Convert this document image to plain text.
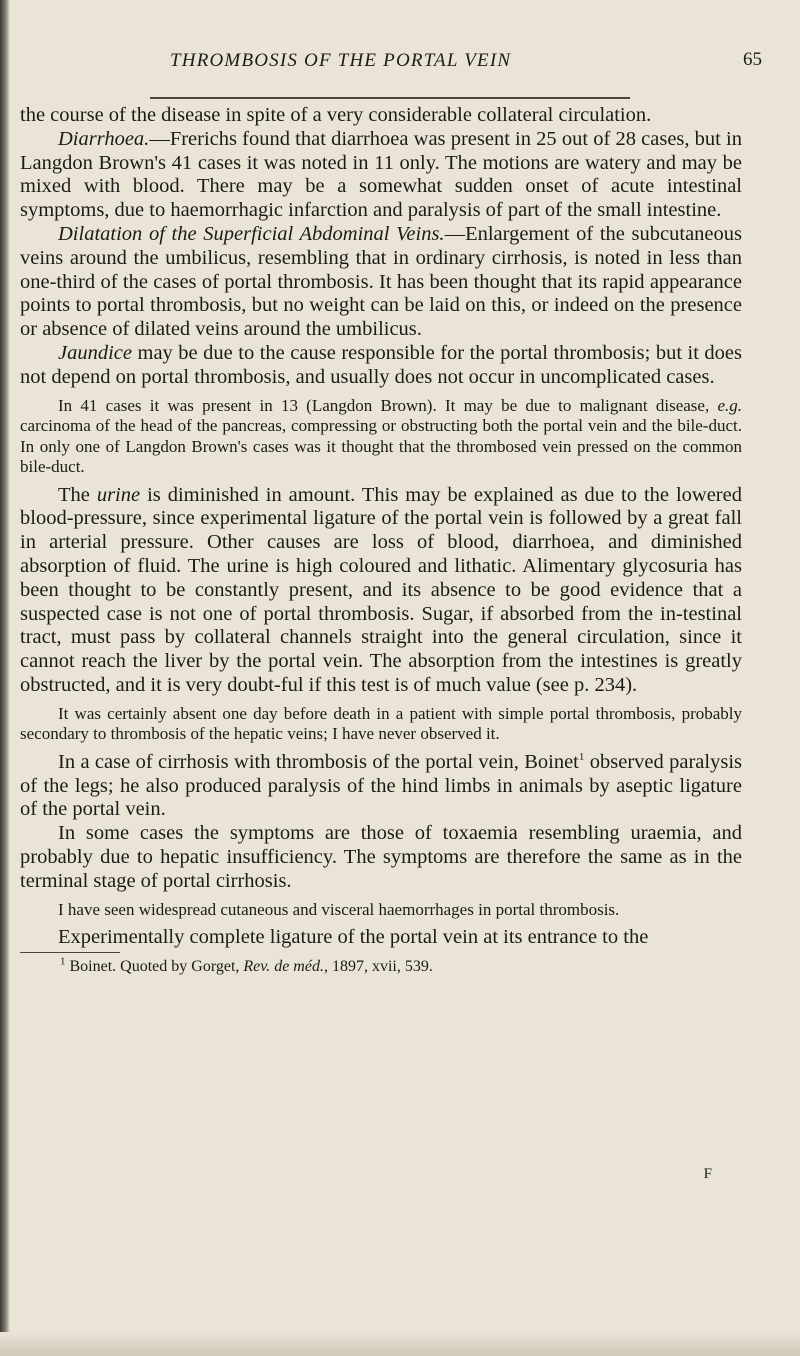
THROMBOSIS OF THE PORTAL VEIN	65

the course of the disease in spite of a very considerable collateral circulation.

Diarrhoea.—Frerichs found that diarrhoea was present in 25 out of 28 cases, but in Langdon Brown's 41 cases it was noted in 11 only. The motions are watery and may be mixed with blood. There may be a somewhat sudden onset of acute intestinal symptoms, due to haemorrhagic infarction and paralysis of part of the small intestine.

Dilatation of the Superficial Abdominal Veins.—Enlargement of the subcutaneous veins around the umbilicus, resembling that in ordinary cirrhosis, is noted in less than one-third of the cases of portal thrombosis. It has been thought that its rapid appearance points to portal thrombosis, but no weight can be laid on this, or indeed on the presence or absence of dilated veins around the umbilicus.

Jaundice may be due to the cause responsible for the portal thrombosis; but it does not depend on portal thrombosis, and usually does not occur in uncomplicated cases.

In 41 cases it was present in 13 (Langdon Brown). It may be due to malignant disease, e.g. carcinoma of the head of the pancreas, compressing or obstructing both the portal vein and the bile-duct. In only one of Langdon Brown's cases was it thought that the thrombosed vein pressed on the common bile-duct.

The urine is diminished in amount. This may be explained as due to the lowered blood-pressure, since experimental ligature of the portal vein is followed by a great fall in arterial pressure. Other causes are loss of blood, diarrhoea, and diminished absorption of fluid. The urine is high coloured and lithatic. Alimentary glycosuria has been thought to be constantly present, and its absence to be good evidence that a suspected case is not one of portal thrombosis. Sugar, if absorbed from the in-testinal tract, must pass by collateral channels straight into the general circulation, since it cannot reach the liver by the portal vein. The absorption from the intestines is greatly obstructed, and it is very doubt-ful if this test is of much value (see p. 234).

It was certainly absent one day before death in a patient with simple portal thrombosis, probably secondary to thrombosis of the hepatic veins; I have never observed it.

In a case of cirrhosis with thrombosis of the portal vein, Boinet$^1$ observed paralysis of the legs; he also produced paralysis of the hind limbs in animals by aseptic ligature of the portal vein.

In some cases the symptoms are those of toxaemia resembling uraemia, and probably due to hepatic insufficiency. The symptoms are therefore the same as in the terminal stage of portal cirrhosis.

I have seen widespread cutaneous and visceral haemorrhages in portal thrombosis.

Experimentally complete ligature of the portal vein at its entrance to the

$^1$ Boinet. Quoted by Gorget, Rev. de méd., 1897, xvii, 539.

F
